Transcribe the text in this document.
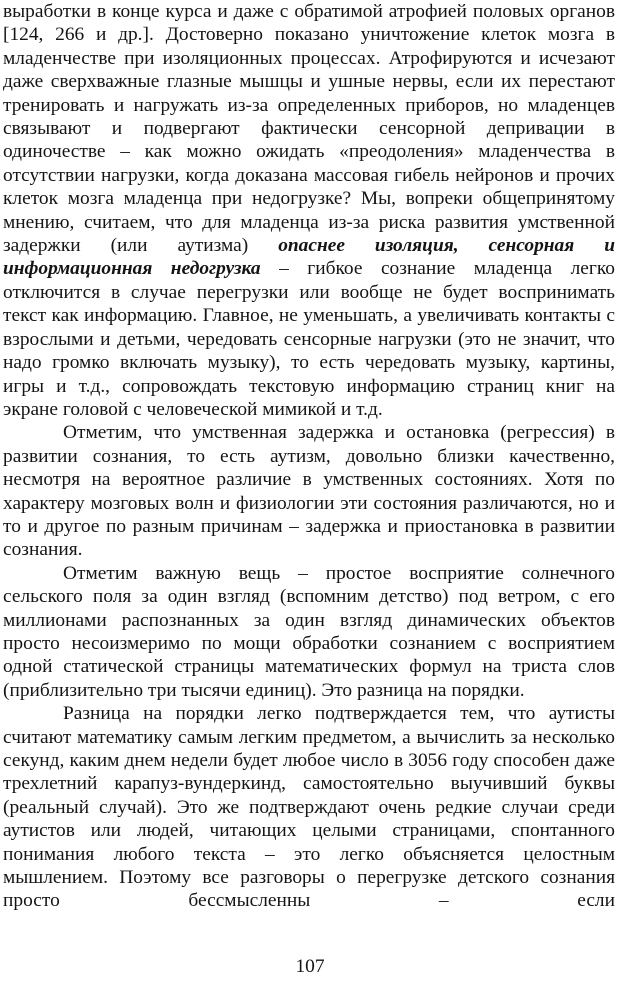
выработки в конце курса и даже с обратимой атрофией половых органов [124, 266 и др.]. Достоверно показано уничтожение клеток мозга в младенчестве при изоляционных процессах. Атрофируются и исчезают даже сверхважные глазные мышцы и ушные нервы, если их перестают тренировать и нагружать из-за определенных приборов, но младенцев связывают и подвергают фактически сенсорной депривации в одиночестве – как можно ожидать «преодоления» младенчества в отсутствии нагрузки, когда доказана массовая гибель нейронов и прочих клеток мозга младенца при недогрузке? Мы, вопреки общепринятому мнению, считаем, что для младенца из-за риска развития умственной задержки (или аутизма) опаснее изоляция, сенсорная и информационная недогрузка – гибкое сознание младенца легко отключится в случае перегрузки или вообще не будет воспринимать текст как информацию. Главное, не уменьшать, а увеличивать контакты с взрослыми и детьми, чередовать сенсорные нагрузки (это не значит, что надо громко включать музыку), то есть чередовать музыку, картины, игры и т.д., сопровождать текстовую информацию страниц книг на экране головой с человеческой мимикой и т.д.

Отметим, что умственная задержка и остановка (регрессия) в развитии сознания, то есть аутизм, довольно близки качественно, несмотря на вероятное различие в умственных состояниях. Хотя по характеру мозговых волн и физиологии эти состояния различаются, но и то и другое по разным причинам – задержка и приостановка в развитии сознания.

Отметим важную вещь – простое восприятие солнечного сельского поля за один взгляд (вспомним детство) под ветром, с его миллионами распознанных за один взгляд динамических объектов просто несоизмеримо по мощи обработки сознанием с восприятием одной статической страницы математических формул на триста слов (приблизительно три тысячи единиц). Это разница на порядки.

Разница на порядки легко подтверждается тем, что аутисты считают математику самым легким предметом, а вычислить за несколько секунд, каким днем недели будет любое число в 3056 году способен даже трехлетний карапуз-вундеркинд, самостоятельно выучивший буквы (реальный случай). Это же подтверждают очень редкие случаи среди аутистов или людей, читающих целыми страницами, спонтанного понимания любого текста – это легко объясняется целостным мышлением. Поэтому все разговоры о перегрузке детского сознания просто бессмысленны – если

107
